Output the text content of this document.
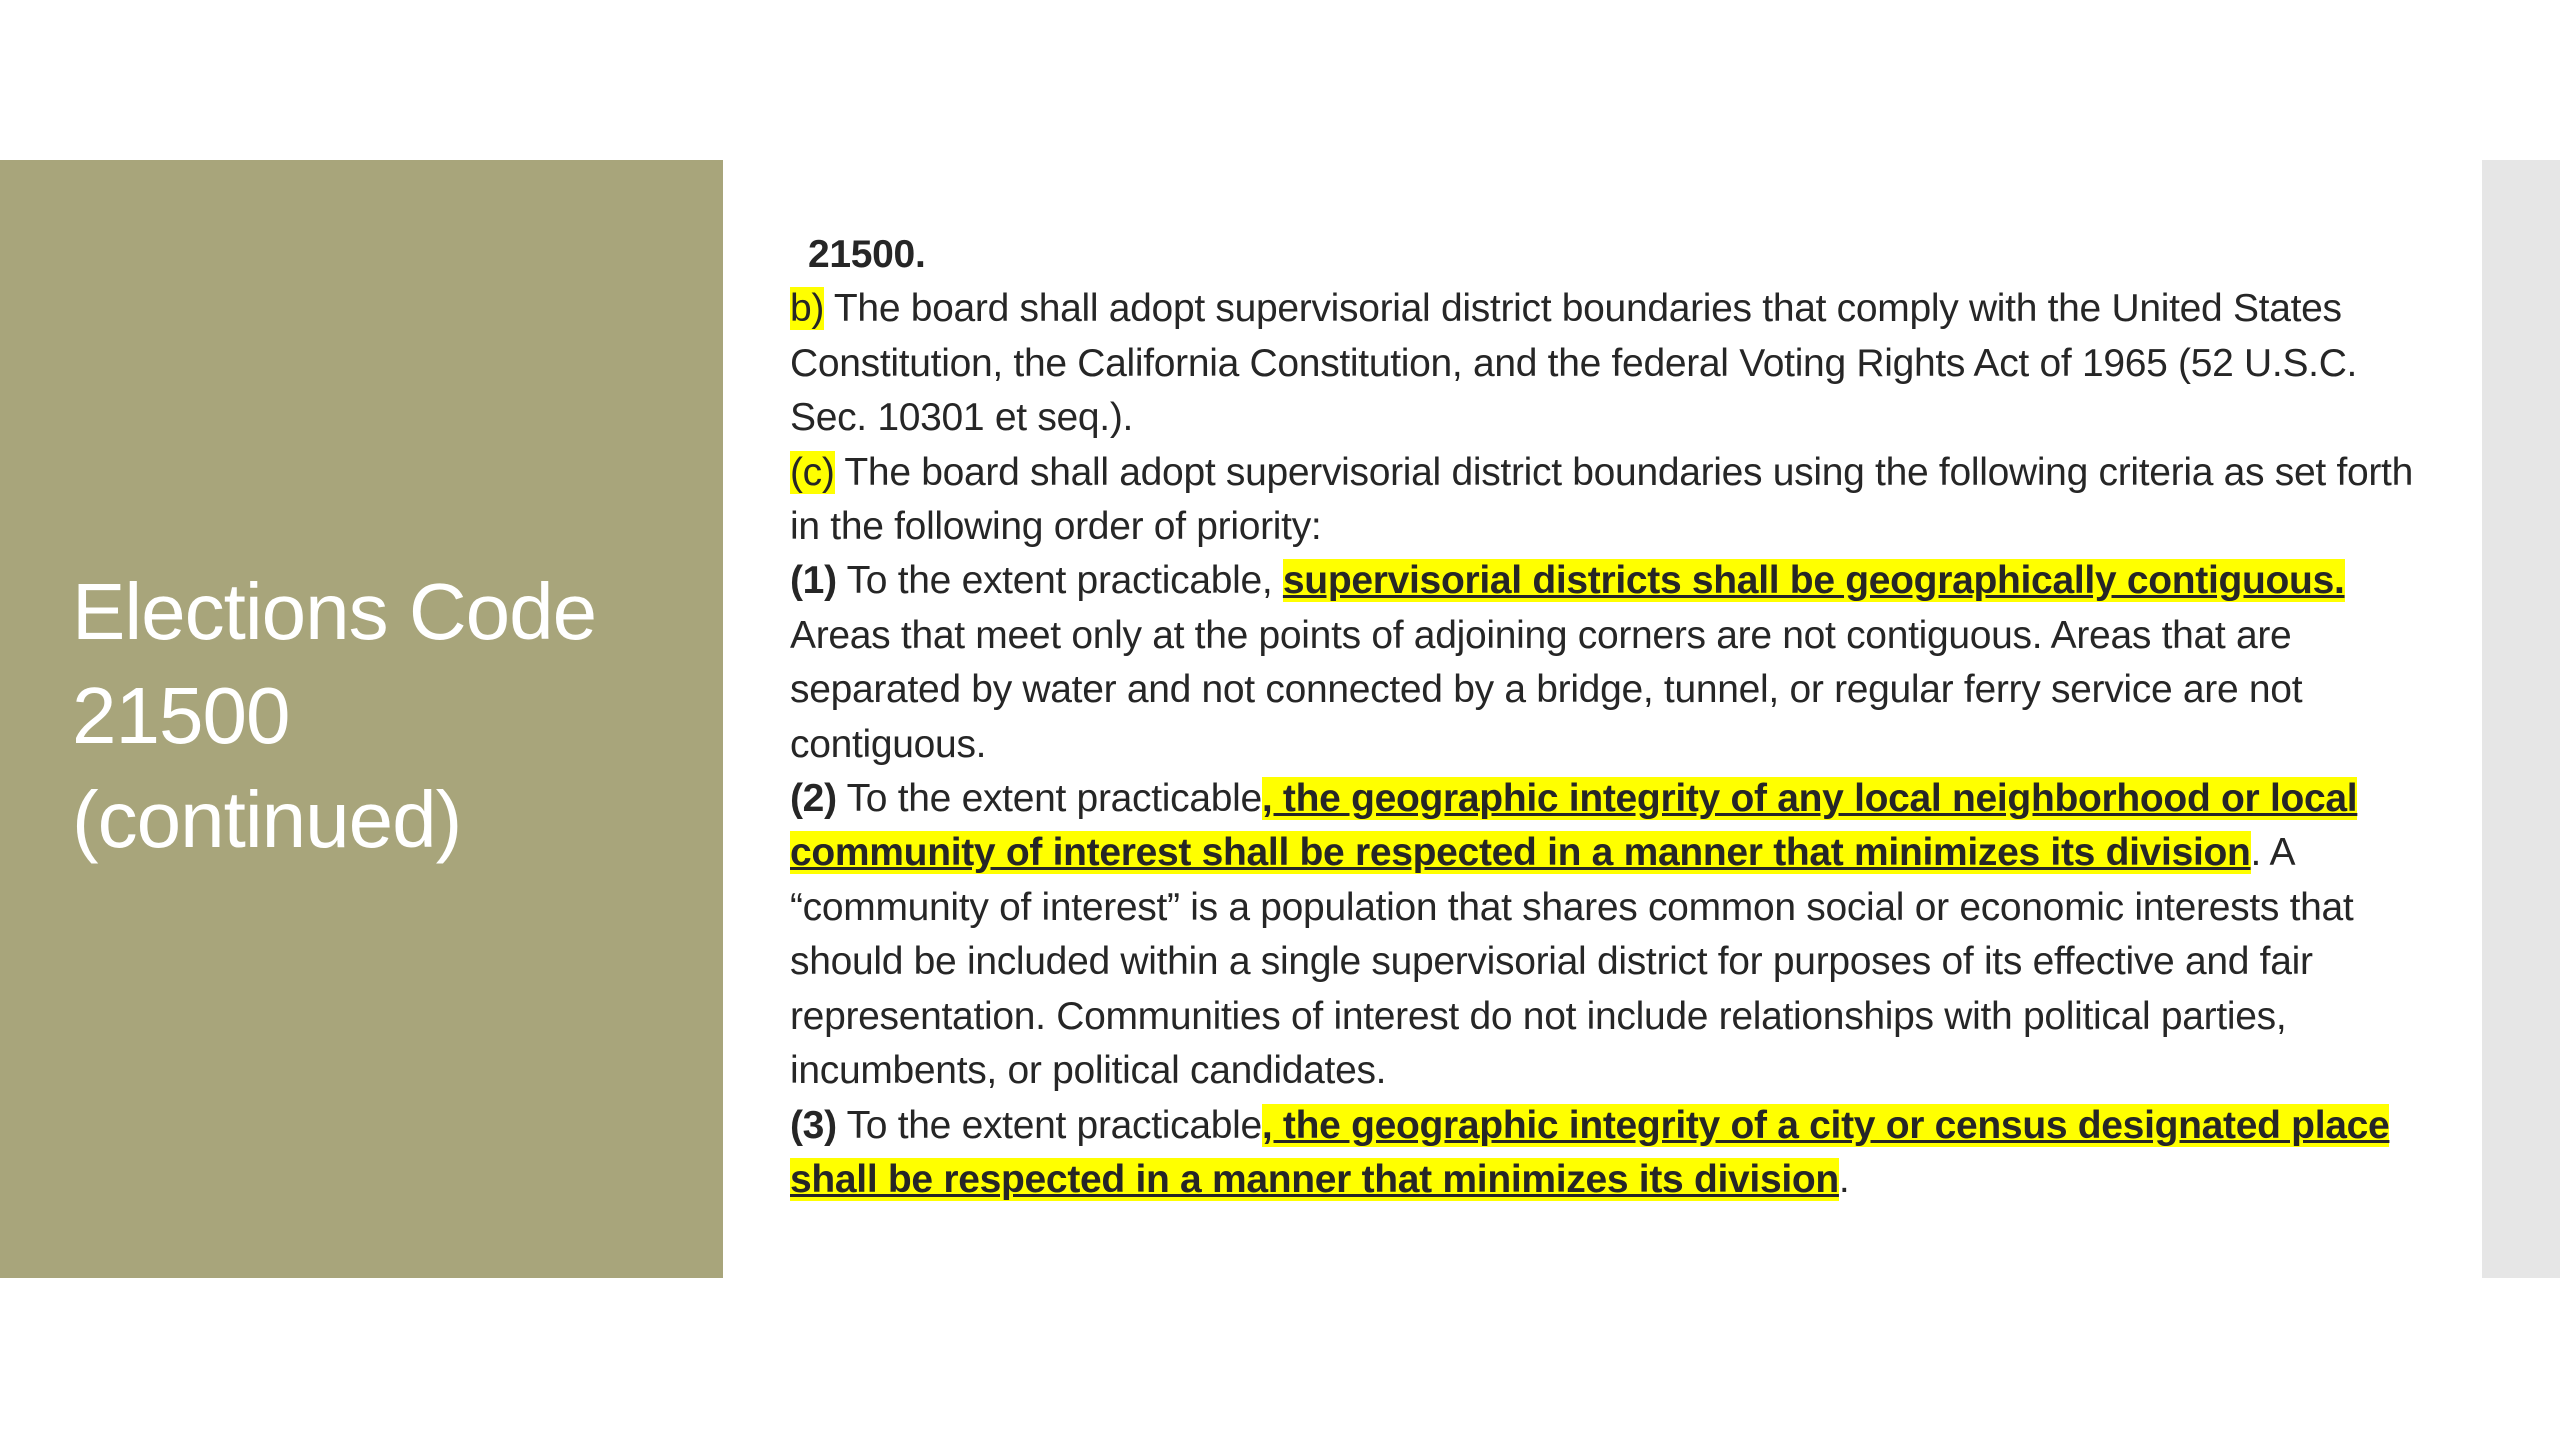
Elections Code
21500
(continued)

21500.

b) The board shall adopt supervisorial district boundaries that comply with the United States Constitution, the California Constitution, and the federal Voting Rights Act of 1965 (52 U.S.C. Sec. 10301 et seq.).

(c) The board shall adopt supervisorial district boundaries using the following criteria as set forth in the following order of priority:

(1) To the extent practicable, supervisorial districts shall be geographically contiguous. Areas that meet only at the points of adjoining corners are not contiguous. Areas that are separated by water and not connected by a bridge, tunnel, or regular ferry service are not contiguous.

(2) To the extent practicable, the geographic integrity of any local neighborhood or local community of interest shall be respected in a manner that minimizes its division. A “community of interest” is a population that shares common social or economic interests that should be included within a single supervisorial district for purposes of its effective and fair representation. Communities of interest do not include relationships with political parties, incumbents, or political candidates.

(3) To the extent practicable, the geographic integrity of a city or census designated place shall be respected in a manner that minimizes its division.
